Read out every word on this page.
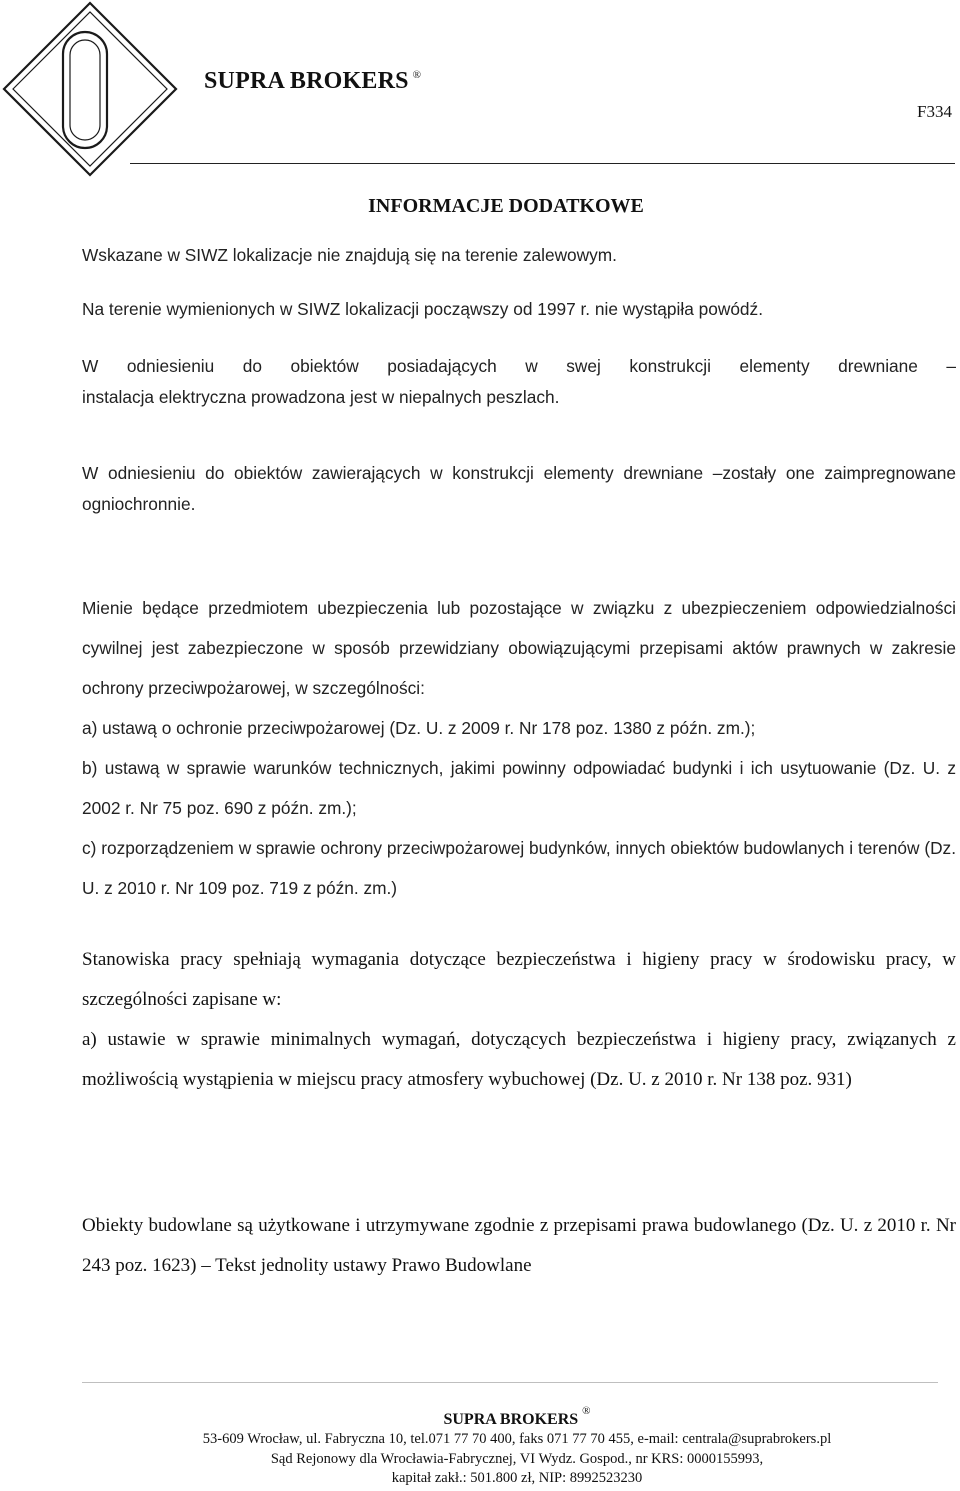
SUPRA BROKERS ®
F334
INFORMACJE DODATKOWE

Wskazane w SIWZ lokalizacje nie znajdują się na terenie zalewowym.

Na terenie wymienionych w SIWZ lokalizacji począwszy od 1997 r. nie wystąpiła powódź.

W odniesieniu do obiektów posiadających w swej konstrukcji elementy drewniane –
instalacja elektryczna prowadzona jest w niepalnych peszlach.

W odniesieniu do obiektów zawierających w konstrukcji elementy drewniane –zostały one zaimpregnowane ogniochronnie.

Mienie będące przedmiotem ubezpieczenia lub pozostające w związku z ubezpieczeniem odpowiedzialności cywilnej jest zabezpieczone w sposób przewidziany obowiązującymi przepisami aktów prawnych w zakresie ochrony przeciwpożarowej, w szczególności:
a) ustawą o ochronie przeciwpożarowej (Dz. U. z 2009 r. Nr 178 poz. 1380 z późn. zm.);
b) ustawą w sprawie warunków technicznych, jakimi powinny odpowiadać budynki i ich usytuowanie (Dz. U. z 2002 r. Nr 75 poz. 690 z późn. zm.);
c) rozporządzeniem w sprawie ochrony przeciwpożarowej budynków, innych obiektów budowlanych i terenów (Dz. U. z 2010 r. Nr 109 poz. 719 z późn. zm.)
Stanowiska pracy spełniają wymagania dotyczące bezpieczeństwa i higieny pracy w środowisku pracy, w szczególności zapisane w:
a) ustawie w sprawie minimalnych wymagań, dotyczących bezpieczeństwa i higieny pracy, związanych z możliwością wystąpienia w miejscu pracy atmosfery wybuchowej (Dz. U. z 2010 r. Nr 138 poz. 931)

Obiekty budowlane są użytkowane i utrzymywane zgodnie z przepisami prawa budowlanego (Dz. U. z 2010 r. Nr 243 poz. 1623) – Tekst jednolity ustawy Prawo Budowlane

SUPRA BROKERS ®
53-609 Wrocław, ul. Fabryczna 10, tel.071 77 70 400, faks 071 77 70 455, e-mail: centrala@suprabrokers.pl
Sąd Rejonowy dla Wrocławia-Fabrycznej, VI Wydz. Gospod., nr KRS: 0000155993,
kapitał zakł.: 501.800 zł, NIP: 8992523230
